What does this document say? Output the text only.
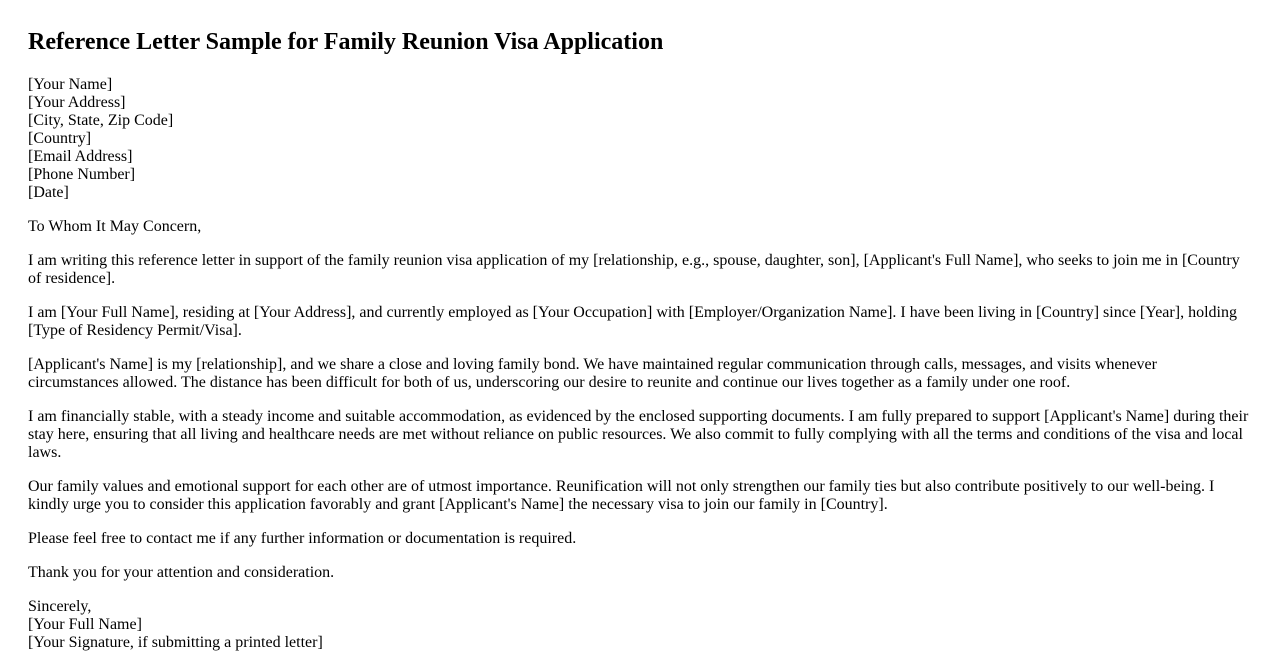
Reference Letter Sample for Family Reunion Visa Application
[Your Name]
[Your Address]
[City, State, Zip Code]
[Country]
[Email Address]
[Phone Number]
[Date]

To Whom It May Concern,

I am writing this reference letter in support of the family reunion visa application of my [relationship, e.g., spouse, daughter, son], [Applicant's Full Name], who seeks to join me in [Country of residence].

I am [Your Full Name], residing at [Your Address], and currently employed as [Your Occupation] with [Employer/Organization Name]. I have been living in [Country] since [Year], holding [Type of Residency Permit/Visa].

[Applicant's Name] is my [relationship], and we share a close and loving family bond. We have maintained regular communication through calls, messages, and visits whenever circumstances allowed. The distance has been difficult for both of us, underscoring our desire to reunite and continue our lives together as a family under one roof.

I am financially stable, with a steady income and suitable accommodation, as evidenced by the enclosed supporting documents. I am fully prepared to support [Applicant's Name] during their stay here, ensuring that all living and healthcare needs are met without reliance on public resources. We also commit to fully complying with all the terms and conditions of the visa and local laws.

Our family values and emotional support for each other are of utmost importance. Reunification will not only strengthen our family ties but also contribute positively to our well-being. I kindly urge you to consider this application favorably and grant [Applicant's Name] the necessary visa to join our family in [Country].

Please feel free to contact me if any further information or documentation is required.

Thank you for your attention and consideration.

Sincerely,
[Your Full Name]
[Your Signature, if submitting a printed letter]
